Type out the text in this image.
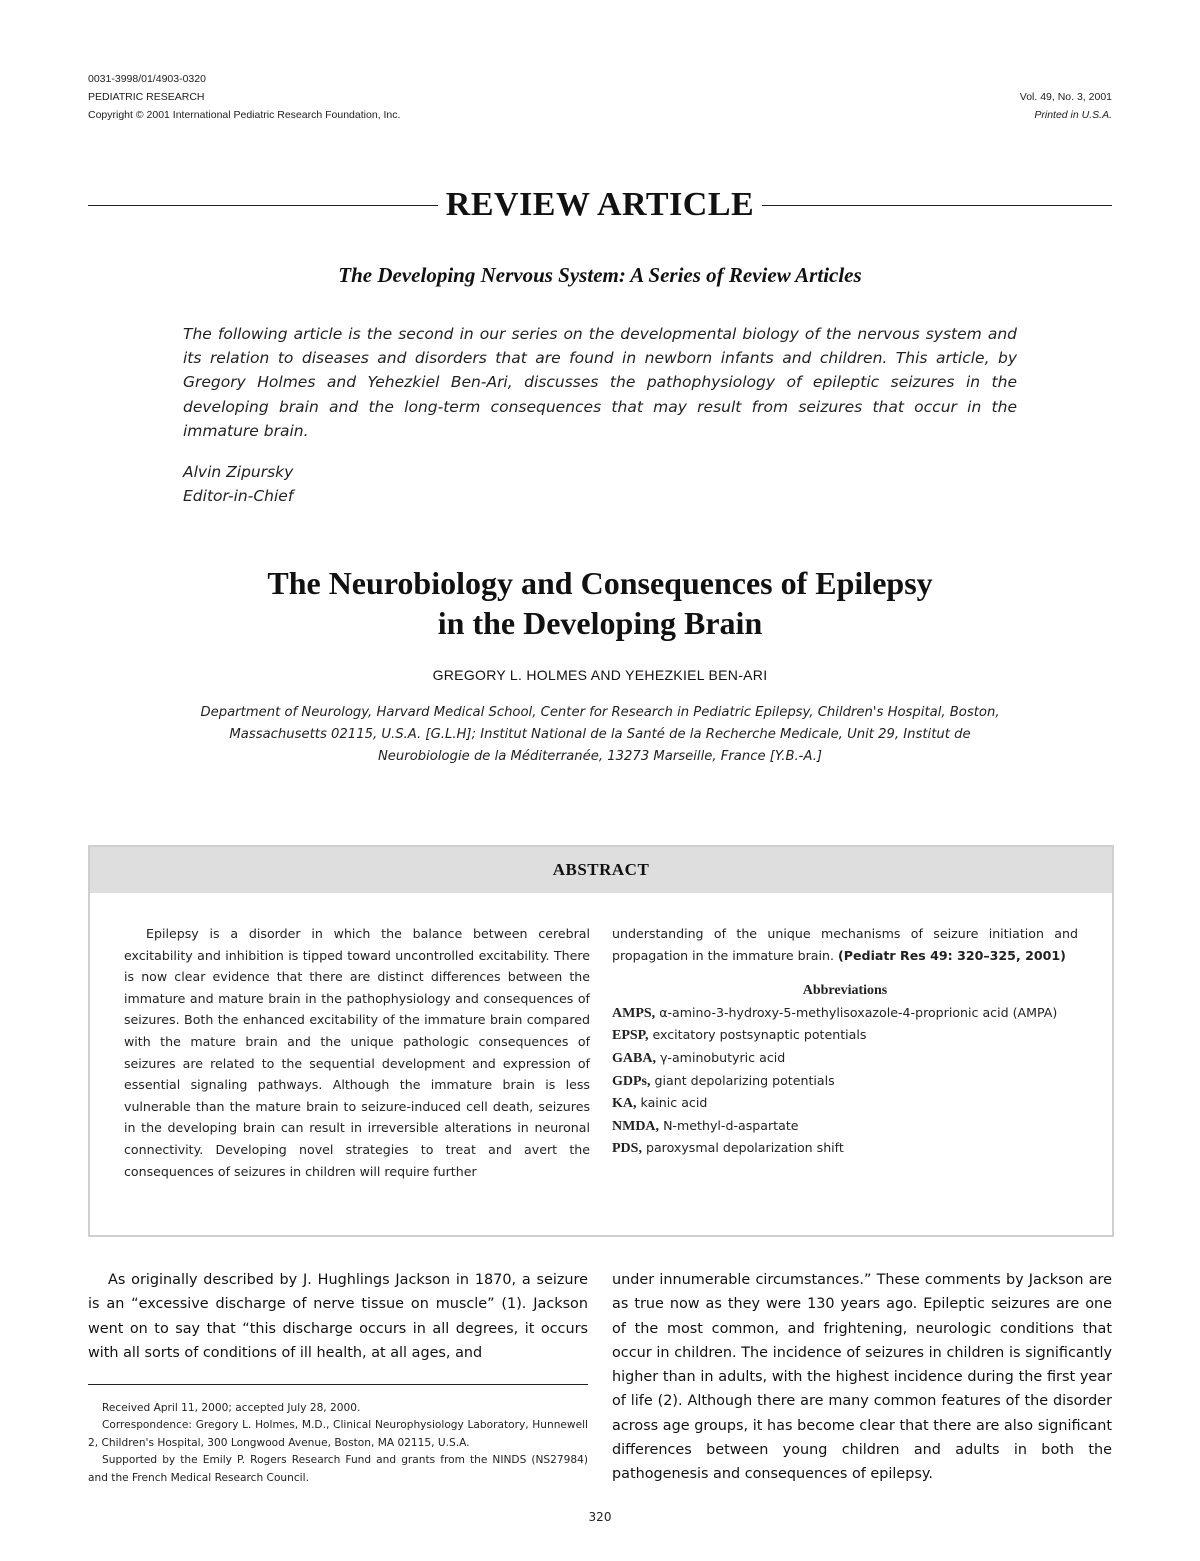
0031-3998/01/4903-0320
PEDIATRIC RESEARCH
Copyright © 2001 International Pediatric Research Foundation, Inc.
Vol. 49, No. 3, 2001
Printed in U.S.A.
REVIEW ARTICLE
The Developing Nervous System: A Series of Review Articles
The following article is the second in our series on the developmental biology of the nervous system and its relation to diseases and disorders that are found in newborn infants and children. This article, by Gregory Holmes and Yehezkiel Ben-Ari, discusses the pathophysiology of epileptic seizures in the developing brain and the long-term consequences that may result from seizures that occur in the immature brain.
Alvin Zipursky
Editor-in-Chief
The Neurobiology and Consequences of Epilepsy
in the Developing Brain
GREGORY L. HOLMES AND YEHEZKIEL BEN-ARI
Department of Neurology, Harvard Medical School, Center for Research in Pediatric Epilepsy, Children's Hospital, Boston, Massachusetts 02115, U.S.A. [G.L.H]; Institut National de la Santé de la Recherche Medicale, Unit 29, Institut de Neurobiologie de la Méditerranée, 13273 Marseille, France [Y.B.-A.]
ABSTRACT
Epilepsy is a disorder in which the balance between cerebral excitability and inhibition is tipped toward uncontrolled excitability. There is now clear evidence that there are distinct differences between the immature and mature brain in the pathophysiology and consequences of seizures. Both the enhanced excitability of the immature brain compared with the mature brain and the unique pathologic consequences of seizures are related to the sequential development and expression of essential signaling pathways. Although the immature brain is less vulnerable than the mature brain to seizure-induced cell death, seizures in the developing brain can result in irreversible alterations in neuronal connectivity. Developing novel strategies to treat and avert the consequences of seizures in children will require further
understanding of the unique mechanisms of seizure initiation and propagation in the immature brain. (Pediatr Res 49: 320–325, 2001)
Abbreviations
AMPS, α-amino-3-hydroxy-5-methylisoxazole-4-proprionic acid (AMPA)
EPSP, excitatory postsynaptic potentials
GABA, γ-aminobutyric acid
GDPs, giant depolarizing potentials
KA, kainic acid
NMDA, N-methyl-d-aspartate
PDS, paroxysmal depolarization shift
As originally described by J. Hughlings Jackson in 1870, a seizure is an “excessive discharge of nerve tissue on muscle” (1). Jackson went on to say that “this discharge occurs in all degrees, it occurs with all sorts of conditions of ill health, at all ages, and
under innumerable circumstances.” These comments by Jackson are as true now as they were 130 years ago. Epileptic seizures are one of the most common, and frightening, neurologic conditions that occur in children. The incidence of seizures in children is significantly higher than in adults, with the highest incidence during the first year of life (2). Although there are many common features of the disorder across age groups, it has become clear that there are also significant differences between young children and adults in both the pathogenesis and consequences of epilepsy.

Received April 11, 2000; accepted July 28, 2000.

Correspondence: Gregory L. Holmes, M.D., Clinical Neurophysiology Laboratory, Hunnewell 2, Children's Hospital, 300 Longwood Avenue, Boston, MA 02115, U.S.A.

Supported by the Emily P. Rogers Research Fund and grants from the NINDS (NS27984) and the French Medical Research Council.

320
